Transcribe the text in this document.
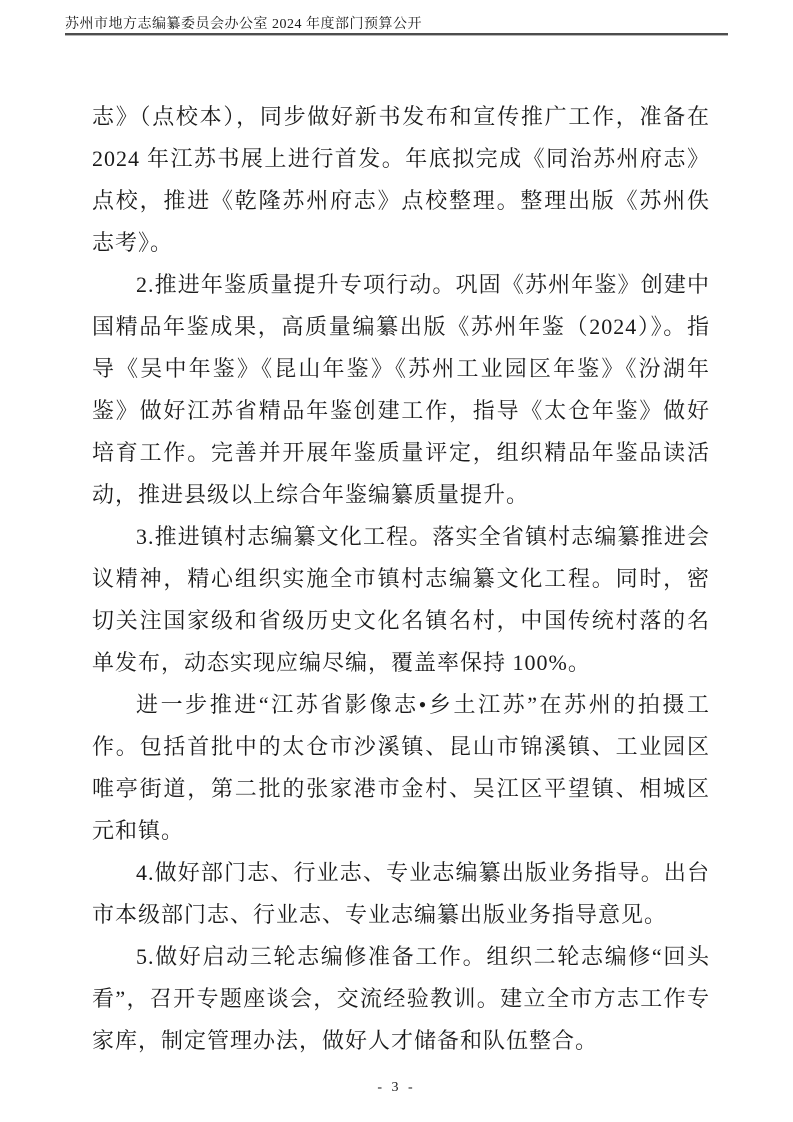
苏州市地方志编纂委员会办公室 2024 年度部门预算公开

志》（点校本），同步做好新书发布和宣传推广工作，准备在 2024 年江苏书展上进行首发。年底拟完成《同治苏州府志》点校，推进《乾隆苏州府志》点校整理。整理出版《苏州佚志考》。

2.推进年鉴质量提升专项行动。巩固《苏州年鉴》创建中国精品年鉴成果，高质量编纂出版《苏州年鉴（2024）》。指导《吴中年鉴》《昆山年鉴》《苏州工业园区年鉴》《汾湖年鉴》做好江苏省精品年鉴创建工作，指导《太仓年鉴》做好培育工作。完善并开展年鉴质量评定，组织精品年鉴品读活动，推进县级以上综合年鉴编纂质量提升。

3.推进镇村志编纂文化工程。落实全省镇村志编纂推进会议精神，精心组织实施全市镇村志编纂文化工程。同时，密切关注国家级和省级历史文化名镇名村，中国传统村落的名单发布，动态实现应编尽编，覆盖率保持 100%。

进一步推进“江苏省影像志•乡土江苏”在苏州的拍摄工作。包括首批中的太仓市沙溪镇、昆山市锦溪镇、工业园区唯亭街道，第二批的张家港市金村、吴江区平望镇、相城区元和镇。

4.做好部门志、行业志、专业志编纂出版业务指导。出台市本级部门志、行业志、专业志编纂出版业务指导意见。

5.做好启动三轮志编修准备工作。组织二轮志编修“回头看”，召开专题座谈会，交流经验教训。建立全市方志工作专家库，制定管理办法，做好人才储备和队伍整合。

- 3 -
